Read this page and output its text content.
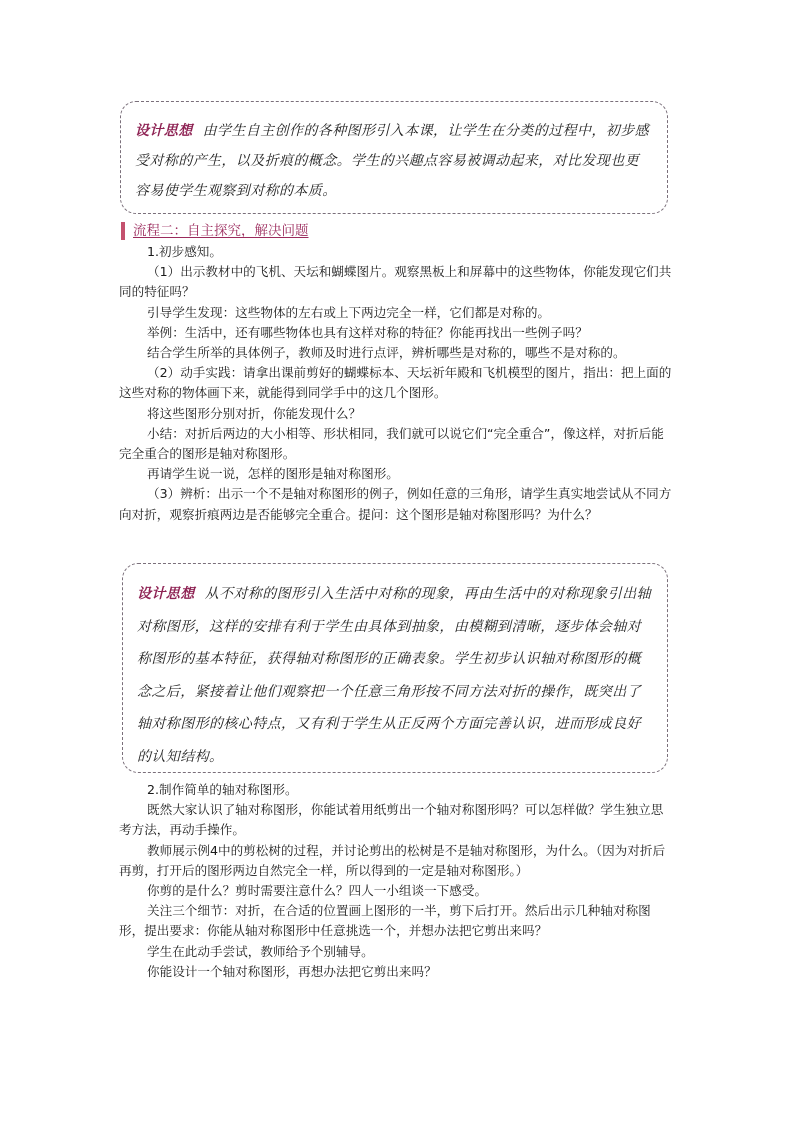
设计思想 由学生自主创作的各种图形引入本课，让学生在分类的过程中，初步感受对称的产生，以及折痕的概念。学生的兴趣点容易被调动起来，对比发现也更容易使学生观察到对称的本质。
流程二：自主探究，解决问题

1.初步感知。

（1）出示教材中的飞机、天坛和蝴蝶图片。观察黑板上和屏幕中的这些物体，你能发现它们共同的特征吗？

引导学生发现：这些物体的左右或上下两边完全一样，它们都是对称的。

举例：生活中，还有哪些物体也具有这样对称的特征？你能再找出一些例子吗？

结合学生所举的具体例子，教师及时进行点评，辨析哪些是对称的，哪些不是对称的。

（2）动手实践：请拿出课前剪好的蝴蝶标本、天坛祈年殿和飞机模型的图片，指出：把上面的这些对称的物体画下来，就能得到同学手中的这几个图形。

将这些图形分别对折，你能发现什么？

小结：对折后两边的大小相等、形状相同，我们就可以说它们“完全重合”，像这样，对折后能完全重合的图形是轴对称图形。

再请学生说一说，怎样的图形是轴对称图形。

（3）辨析：出示一个不是轴对称图形的例子，例如任意的三角形，请学生真实地尝试从不同方向对折，观察折痕两边是否能够完全重合。提问：这个图形是轴对称图形吗？为什么？

设计思想 从不对称的图形引入生活中对称的现象，再由生活中的对称现象引出轴对称图形，这样的安排有利于学生由具体到抽象，由模糊到清晰，逐步体会轴对称图形的基本特征，获得轴对称图形的正确表象。学生初步认识轴对称图形的概念之后，紧接着让他们观察把一个任意三角形按不同方法对折的操作，既突出了轴对称图形的核心特点，又有利于学生从正反两个方面完善认识，进而形成良好的认知结构。

2.制作简单的轴对称图形。

既然大家认识了轴对称图形，你能试着用纸剪出一个轴对称图形吗？可以怎样做？学生独立思考方法，再动手操作。

教师展示例4中的剪松树的过程，并讨论剪出的松树是不是轴对称图形，为什么。（因为对折后再剪，打开后的图形两边自然完全一样，所以得到的一定是轴对称图形。）

你剪的是什么？剪时需要注意什么？四人一小组谈一下感受。

关注三个细节：对折，在合适的位置画上图形的一半，剪下后打开。然后出示几种轴对称图形，提出要求：你能从轴对称图形中任意挑选一个，并想办法把它剪出来吗？

学生在此动手尝试，教师给予个别辅导。

你能设计一个轴对称图形，再想办法把它剪出来吗？
